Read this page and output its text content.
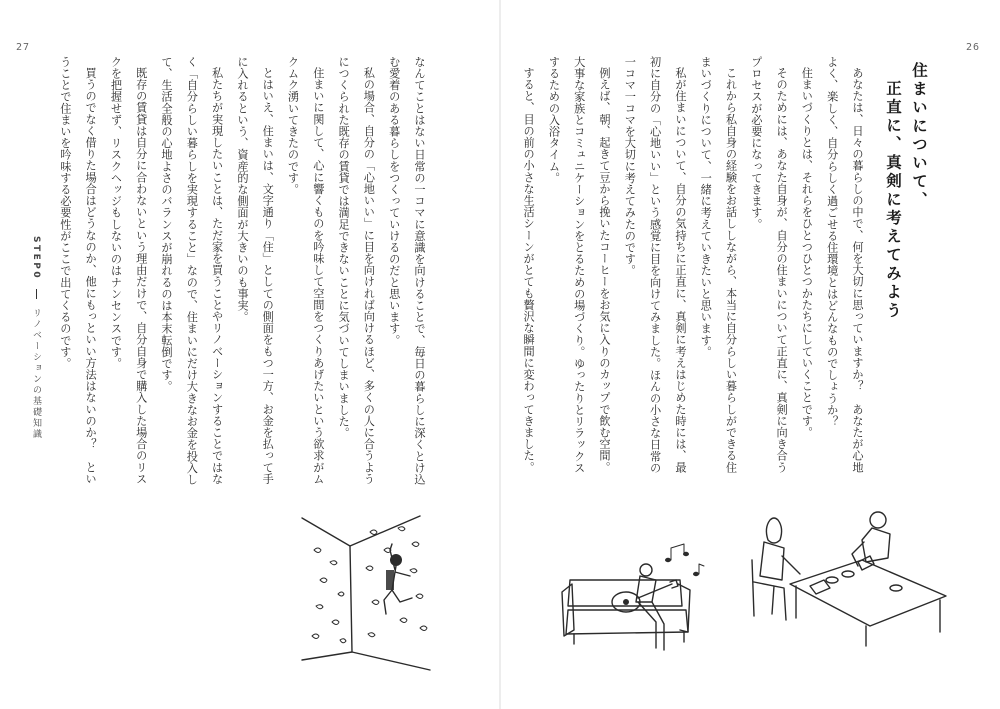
27
STEP0  リノベーションの基礎知識	なんてことはない日常の一コマに意識を向けることで、毎日の暮らしに深くとけ込む愛着のある暮らしをつくっていけるのだと思います。

私の場合、自分の「心地いい」に目を向ければ向けるほど、多くの人に合うようにつくられた既存の賃貸では満足できないことに気づいてしまいました。

住まいに関して、心に響くものを吟味して空間をつくりあげたいという欲求がムクムク湧いてきたのです。

とはいえ、住まいは、文字通り「住」としての側面をもつ一方、お金を払って手に入れるという、資産的な側面が大きいのも事実。

私たちが実現したいことは、ただ家を買うことやリノベーションすることではなく「自分らしい暮らしを実現すること」なので、住まいにだけ大きなお金を投入して、生活全般の心地よさのバランスが崩れるのは本末転倒です。

既存の賃貸は自分に合わないという理由だけで、自分自身で購入した場合のリスクを把握せず、リスクヘッジもしないのはナンセンスです。

買うのでなく借りた場合はどうなのか、他にもっといい方法はないのか？　ということで住まいを吟味する必要性がここで出てくるのです。

26
住まいについて、
正直に、真剣に考えてみよう

あなたは、日々の暮らしの中で、何を大切に思っていますか？　あなたが心地よく、楽しく、自分らしく過ごせる住環境とはどんなものでしょうか？

住まいづくりとは、それらをひとつひとつかたちにしていくことです。

そのためには、あなた自身が、自分の住まいについて正直に、真剣に向き合うプロセスが必要になってきます。

これから私自身の経験をお話ししながら、本当に自分らしい暮らしができる住まいづくりについて、一緒に考えていきたいと思います。

私が住まいについて、自分の気持ちに正直に、真剣に考えはじめた時には、最初に自分の「心地いい」という感覚に目を向けてみました。ほんの小さな日常の一コマ一コマを大切に考えてみたのです。

例えば、朝、起きて豆から挽いたコーヒーをお気に入りのカップで飲む空間。大事な家族とコミュニケーションをとるための場づくり。ゆったりとリラックスするための入浴タイム。

すると、目の前の小さな生活シーンがとても贅沢な瞬間に変わってきました。
